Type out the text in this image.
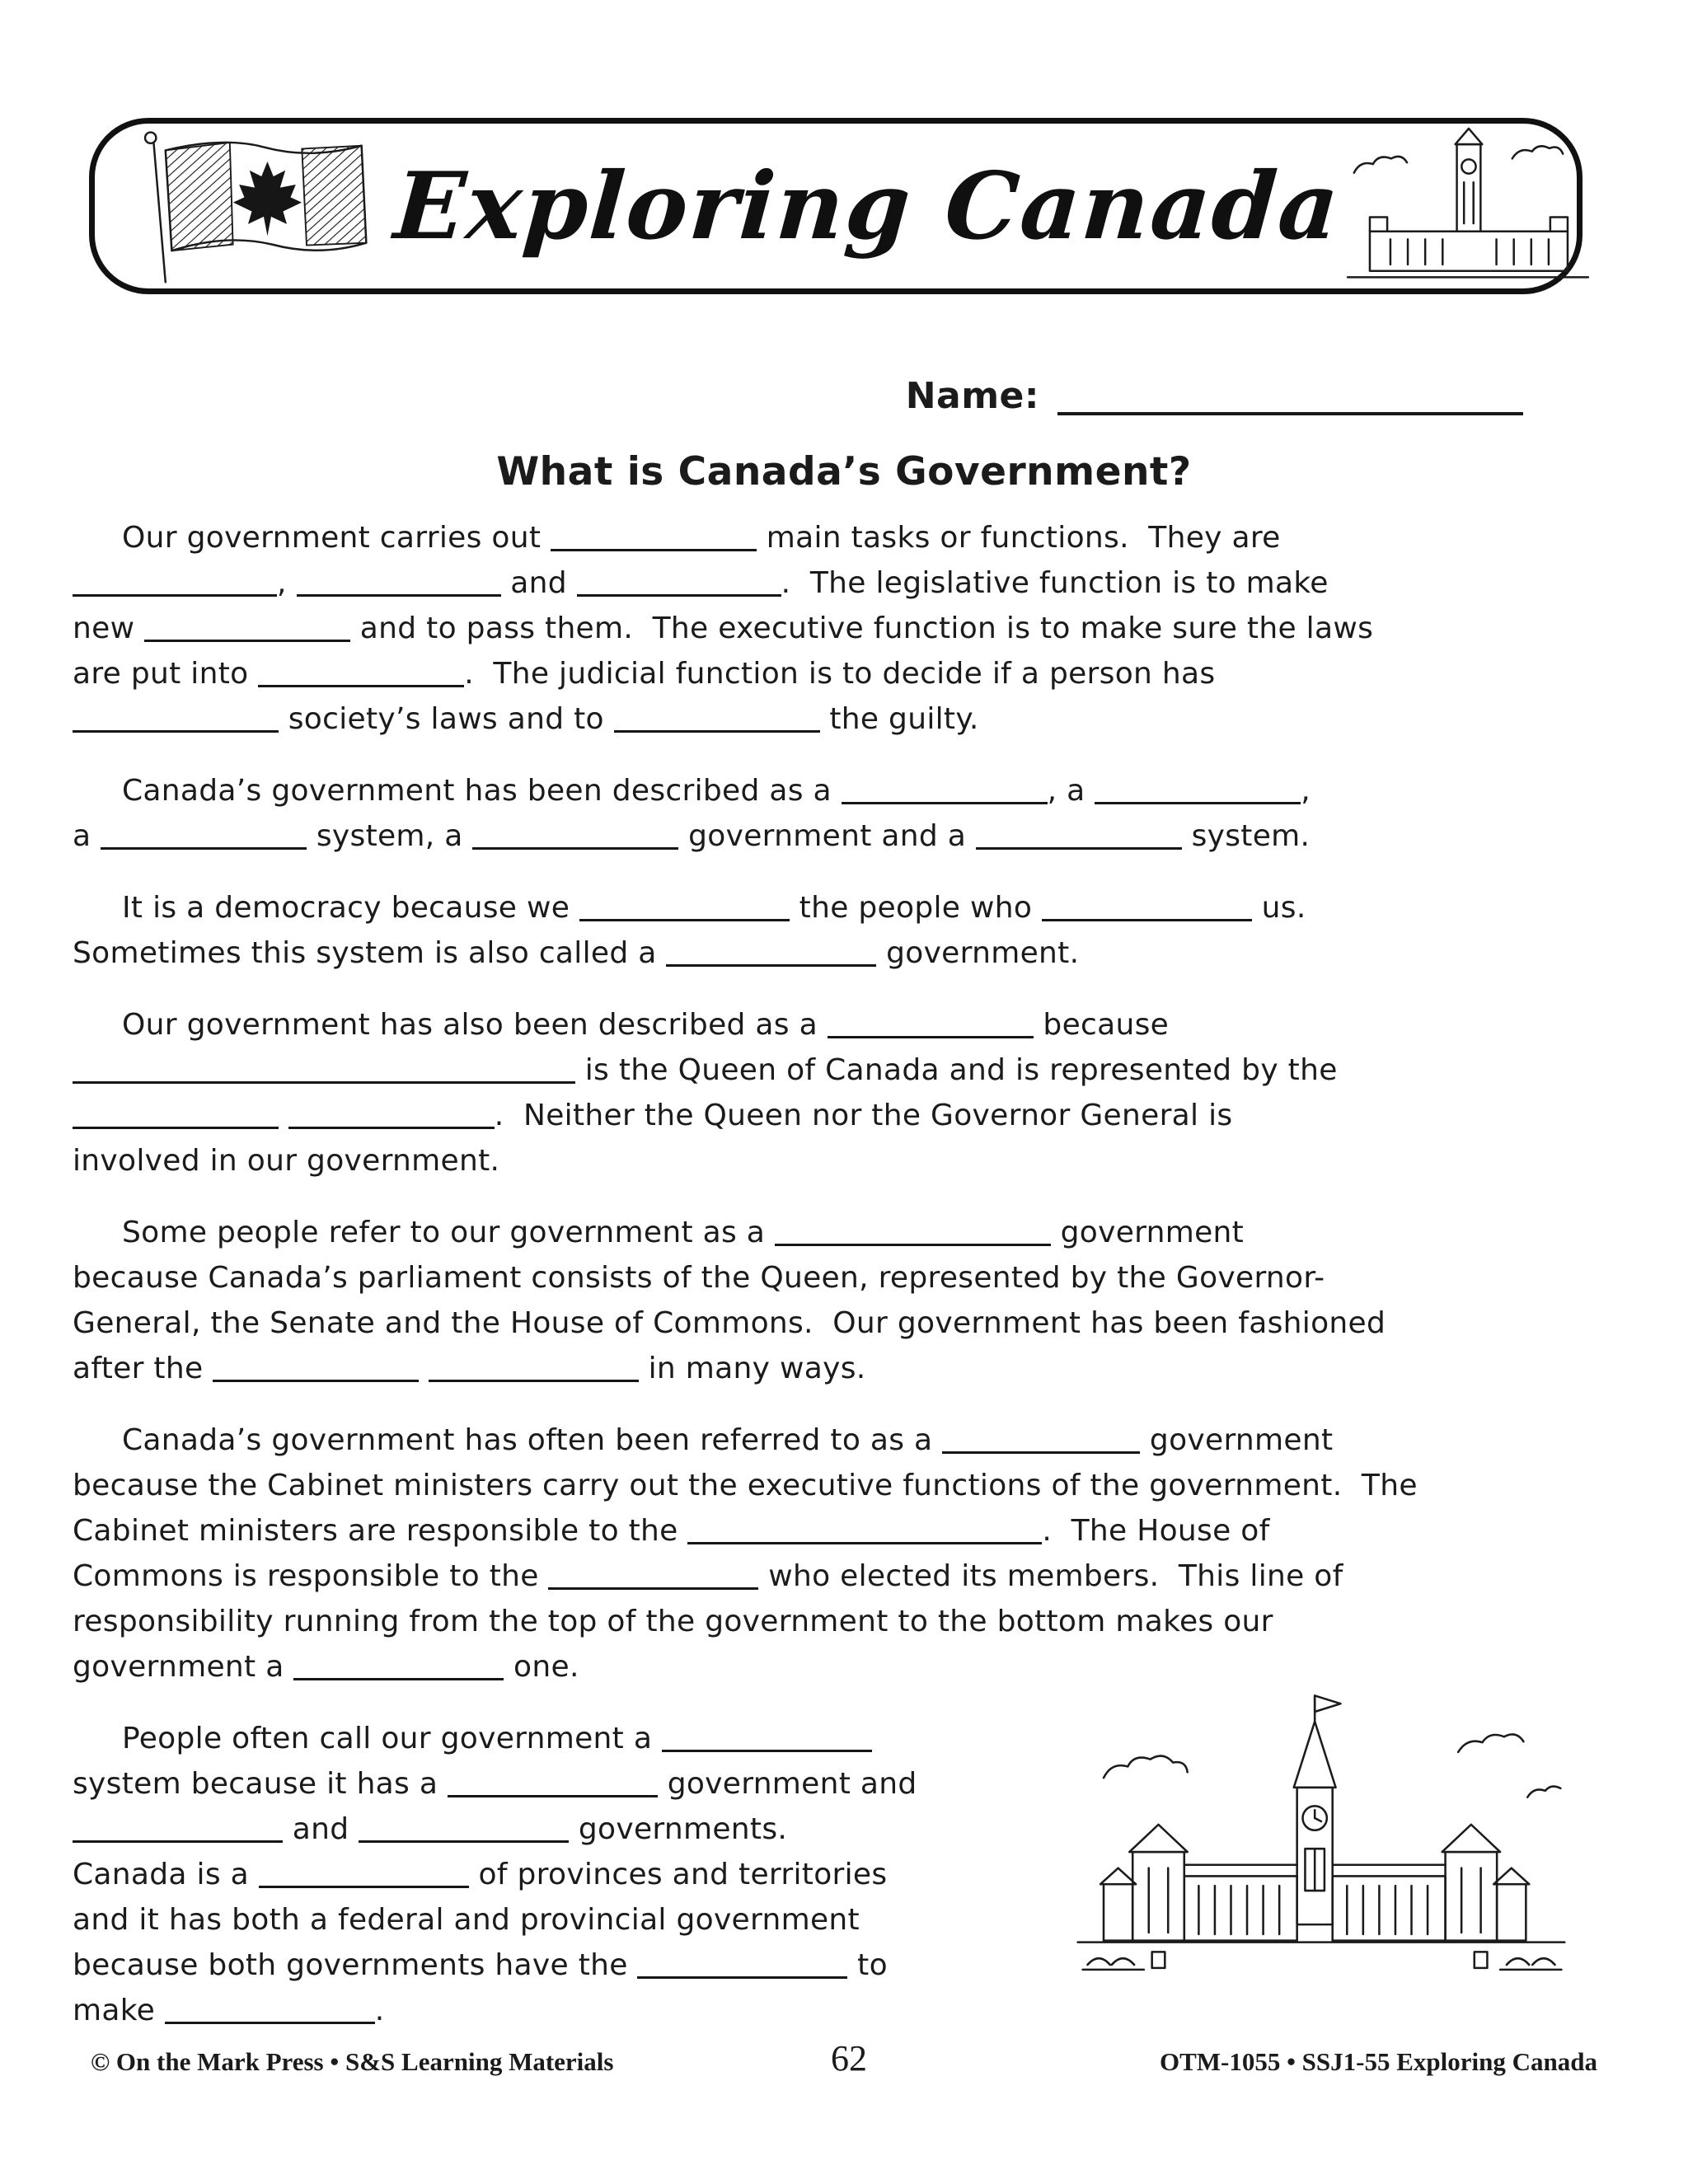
Exploring Canada
Name:
What is Canada’s Government?
Our government carries out	main tasks or functions.  They are
,	and	.  The legislative function is to make
new	and to pass them.  The executive function is to make sure the laws
are put into	.  The judicial function is to decide if a person has
society’s laws and to	the guilty.
Canada’s government has been described as a	, a	,
a	system, a	government and a	system.
It is a democracy because we	the people who	us.
Sometimes this system is also called a	government.
Our government has also been described as a	because
is the Queen of Canada and is represented by the
.  Neither the Queen nor the Governor General is
involved in our government.
Some people refer to our government as a	government
because Canada’s parliament consists of the Queen, represented by the Governor-
General, the Senate and the House of Commons.  Our government has been fashioned
after the	in many ways.
Canada’s government has often been referred to as a	government
because the Cabinet ministers carry out the executive functions of the government.  The
Cabinet ministers are responsible to the	.  The House of
Commons is responsible to the	who elected its members.  This line of
responsibility running from the top of the government to the bottom makes our
government a	one.
People often call our government a
system because it has a	government and
and	governments.
Canada is a	of provinces and territories
and it has both a federal and provincial government
because both governments have the	to
make	.
© On the Mark Press • S&S Learning Materials	62	OTM-1055 • SSJ1-55 Exploring Canada
